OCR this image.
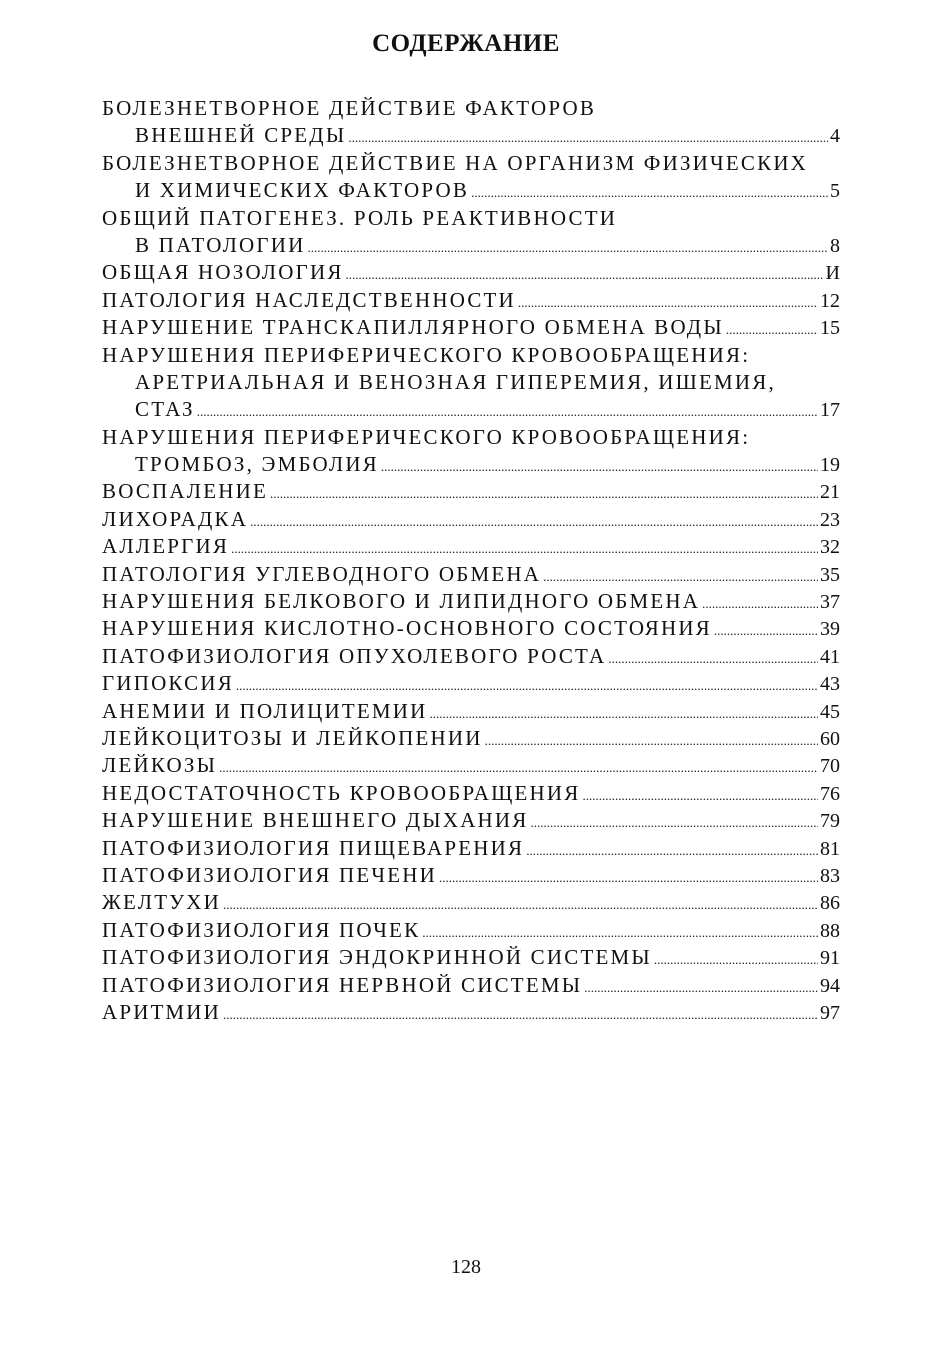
СОДЕРЖАНИЕ
БОЛЕЗНЕТВОРНОЕ ДЕЙСТВИЕ ФАКТОРОВ
ВНЕШНЕЙ СРЕДЫ .....	4
БОЛЕЗНЕТВОРНОЕ ДЕЙСТВИЕ НА ОРГАНИЗМ ФИЗИЧЕСКИХ
И ХИМИЧЕСКИХ ФАКТОРОВ .....	5
ОБЩИЙ ПАТОГЕНЕЗ. РОЛЬ РЕАКТИВНОСТИ
В ПАТОЛОГИИ .....	8
ОБЩАЯ НОЗОЛОГИЯ .....	И
ПАТОЛОГИЯ НАСЛЕДСТВЕННОСТИ .....	12
НАРУШЕНИЕ ТРАНСКАПИЛЛЯРНОГО ОБМЕНА ВОДЫ .....	15
НАРУШЕНИЯ ПЕРИФЕРИЧЕСКОГО КРОВООБРАЩЕНИЯ:
АРЕТРИАЛЬНАЯ И ВЕНОЗНАЯ ГИПЕРЕМИЯ, ИШЕМИЯ,
СТАЗ .....	17
НАРУШЕНИЯ ПЕРИФЕРИЧЕСКОГО КРОВООБРАЩЕНИЯ:
ТРОМБОЗ, ЭМБОЛИЯ .....	19
ВОСПАЛЕНИЕ .....	21
ЛИХОРАДКА .....	23
АЛЛЕРГИЯ .....	32
ПАТОЛОГИЯ УГЛЕВОДНОГО ОБМЕНА .....	35
НАРУШЕНИЯ БЕЛКОВОГО И ЛИПИДНОГО ОБМЕНА .....	37
НАРУШЕНИЯ КИСЛОТНО-ОСНОВНОГО СОСТОЯНИЯ .....	39
ПАТОФИЗИОЛОГИЯ ОПУХОЛЕВОГО РОСТА .....	41
ГИПОКСИЯ .....	43
АНЕМИИ И ПОЛИЦИТЕМИИ .....	45
ЛЕЙКОЦИТОЗЫ И ЛЕЙКОПЕНИИ .....	60
ЛЕЙКОЗЫ .....	70
НЕДОСТАТОЧНОСТЬ КРОВООБРАЩЕНИЯ .....	76
НАРУШЕНИЕ ВНЕШНЕГО ДЫХАНИЯ .....	79
ПАТОФИЗИОЛОГИЯ ПИЩЕВАРЕНИЯ .....	81
ПАТОФИЗИОЛОГИЯ ПЕЧЕНИ .....	83
ЖЕЛТУХИ .....	86
ПАТОФИЗИОЛОГИЯ ПОЧЕК .....	88
ПАТОФИЗИОЛОГИЯ ЭНДОКРИННОЙ СИСТЕМЫ .....	91
ПАТОФИЗИОЛОГИЯ НЕРВНОЙ СИСТЕМЫ .....	94
АРИТМИИ .....	97
128
